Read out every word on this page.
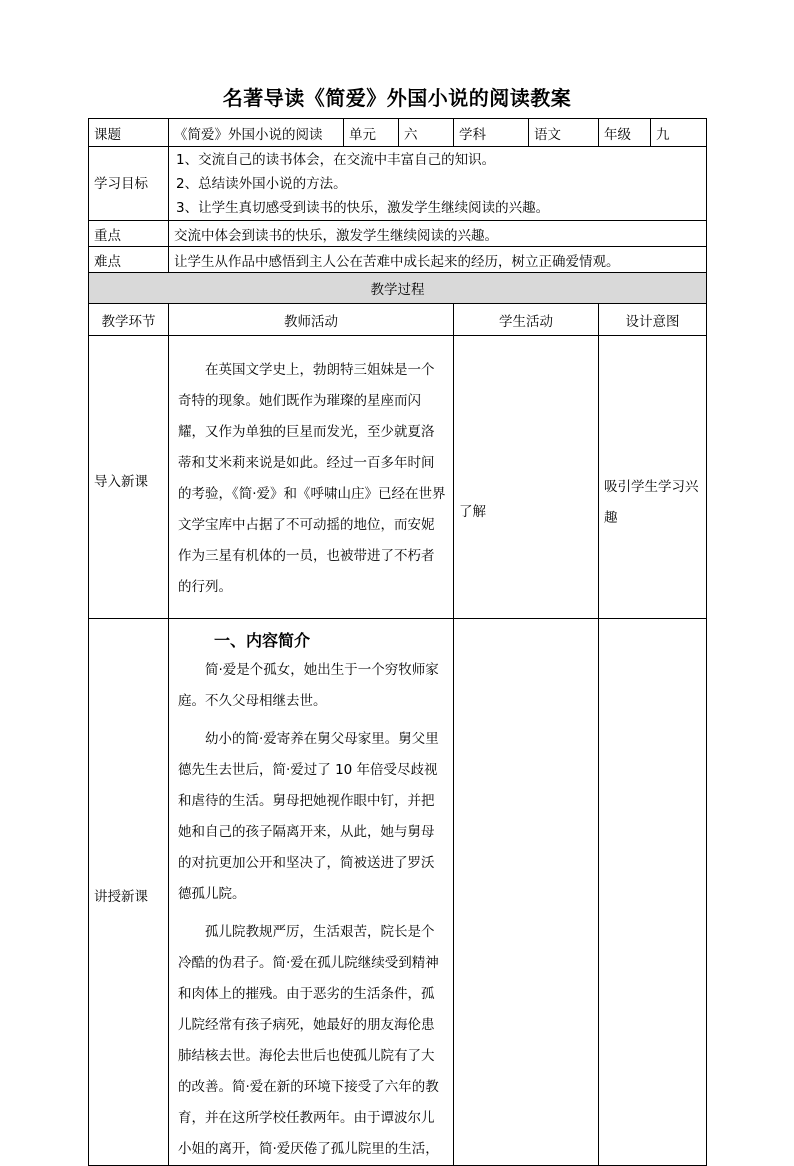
名著导读《简爱》外国小说的阅读教案
课题	《简爱》外国小说的阅读	单元	六	学科	语文	年级	九
学习目标	1、交流自己的读书体会，在交流中丰富自己的知识。
2、总结读外国小说的方法。
3、让学生真切感受到读书的快乐，激发学生继续阅读的兴趣。						

重点	交流中体会到读书的快乐，激发学生继续阅读的兴趣。						
难点	让学生从作品中感悟到主人公在苦难中成长起来的经历，树立正确爱情观。						
教学过程							
教学环节	教师活动			学生活动		设计意图	
导入新课	在英国文学史上，勃朗特三姐妹是一个奇特的现象。她们既作为璀璨的星座而闪耀，又作为单独的巨星而发光，至少就夏洛蒂和艾米莉来说是如此。经过一百多年时间的考验，《简·爱》和《呼啸山庄》已经在世界文学宝库中占据了不可动摇的地位，而安妮作为三星有机体的一员，也被带进了不朽者的行列。			了解		吸引学生学习兴趣	
讲授新课	一、内容简介
简·爱是个孤女，她出生于一个穷牧师家庭。不久父母相继去世。
幼小的简·爱寄养在舅父母家里。舅父里德先生去世后，简·爱过了 10 年倍受尽歧视和虐待的生活。舅母把她视作眼中钉，并把她和自己的孩子隔离开来，从此，她与舅母的对抗更加公开和坚决了，简被送进了罗沃德孤儿院。
孤儿院教规严厉，生活艰苦，院长是个冷酷的伪君子。简·爱在孤儿院继续受到精神和肉体上的摧残。由于恶劣的生活条件，孤儿院经常有孩子病死，她最好的朋友海伦患肺结核去世。海伦去世后也使孤儿院有了大的改善。简·爱在新的环境下接受了六年的教育，并在这所学校任教两年。由于谭波尔儿小姐的离开，简·爱厌倦了孤儿院里的生活，						
